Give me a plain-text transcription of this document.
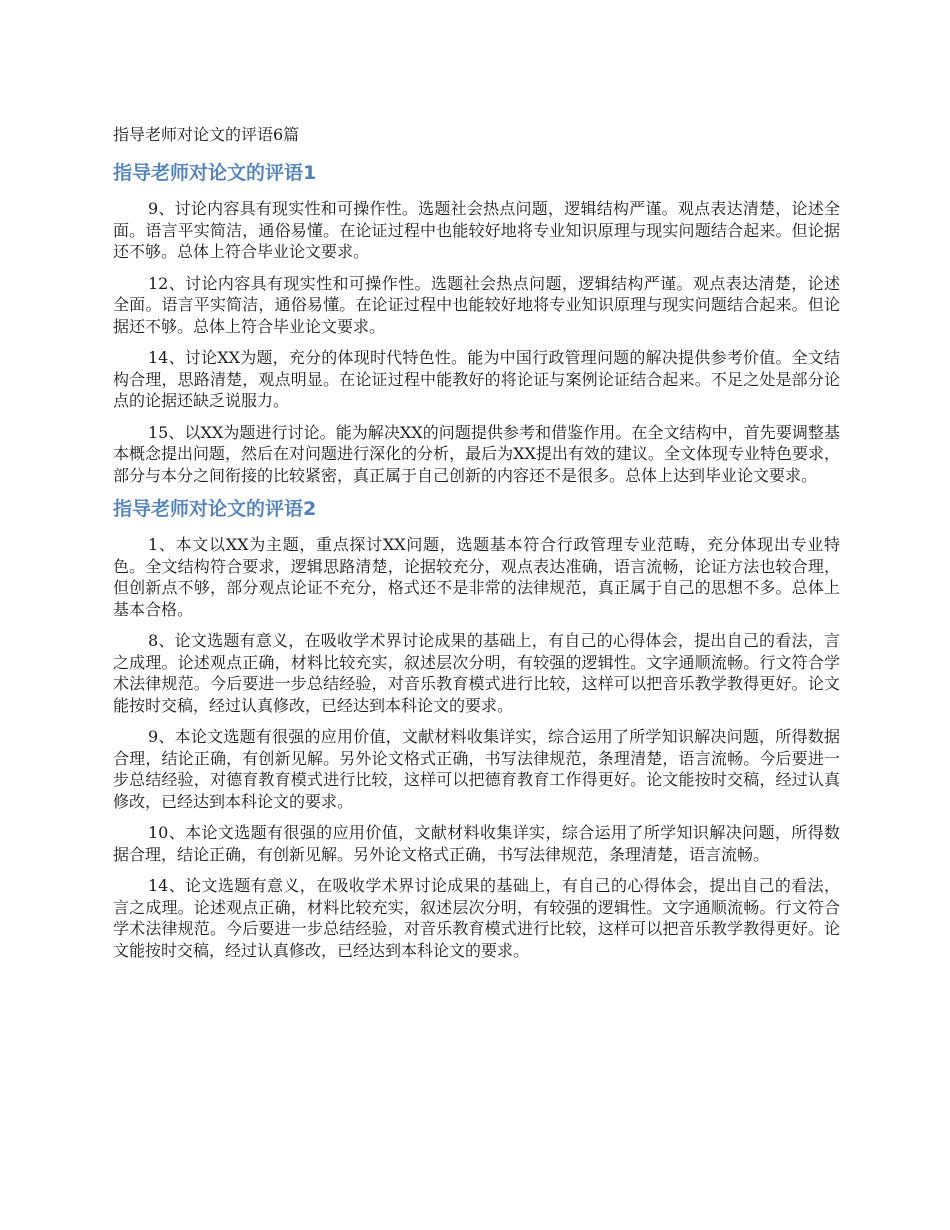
指导老师对论文的评语6篇
指导老师对论文的评语1

9、讨论内容具有现实性和可操作性。选题社会热点问题，逻辑结构严谨。观点表达清楚，论述全面。语言平实简洁，通俗易懂。在论证过程中也能较好地将专业知识原理与现实问题结合起来。但论据还不够。总体上符合毕业论文要求。

12、讨论内容具有现实性和可操作性。选题社会热点问题，逻辑结构严谨。观点表达清楚，论述全面。语言平实简洁，通俗易懂。在论证过程中也能较好地将专业知识原理与现实问题结合起来。但论据还不够。总体上符合毕业论文要求。

14、讨论XX为题，充分的体现时代特色性。能为中国行政管理问题的解决提供参考价值。全文结构合理，思路清楚，观点明显。在论证过程中能教好的将论证与案例论证结合起来。不足之处是部分论点的论据还缺乏说服力。

15、以XX为题进行讨论。能为解决XX的问题提供参考和借鉴作用。在全文结构中，首先要调整基本概念提出问题，然后在对问题进行深化的分析，最后为XX提出有效的建议。全文体现专业特色要求，部分与本分之间衔接的比较紧密，真正属于自己创新的内容还不是很多。总体上达到毕业论文要求。

指导老师对论文的评语2

1、本文以XX为主题，重点探讨XX问题，选题基本符合行政管理专业范畴，充分体现出专业特色。全文结构符合要求，逻辑思路清楚，论据较充分，观点表达准确，语言流畅，论证方法也较合理，但创新点不够，部分观点论证不充分，格式还不是非常的法律规范，真正属于自己的思想不多。总体上基本合格。

8、论文选题有意义，在吸收学术界讨论成果的基础上，有自己的心得体会，提出自己的看法，言之成理。论述观点正确，材料比较充实，叙述层次分明，有较强的逻辑性。文字通顺流畅。行文符合学术法律规范。今后要进一步总结经验，对音乐教育模式进行比较，这样可以把音乐教学教得更好。论文能按时交稿，经过认真修改，已经达到本科论文的要求。

9、本论文选题有很强的应用价值，文献材料收集详实，综合运用了所学知识解决问题，所得数据合理，结论正确，有创新见解。另外论文格式正确，书写法律规范，条理清楚，语言流畅。今后要进一步总结经验，对德育教育模式进行比较，这样可以把德育教育工作得更好。论文能按时交稿，经过认真修改，已经达到本科论文的要求。

10、本论文选题有很强的应用价值，文献材料收集详实，综合运用了所学知识解决问题，所得数据合理，结论正确，有创新见解。另外论文格式正确，书写法律规范，条理清楚，语言流畅。

14、论文选题有意义，在吸收学术界讨论成果的基础上，有自己的心得体会，提出自己的看法，言之成理。论述观点正确，材料比较充实，叙述层次分明，有较强的逻辑性。文字通顺流畅。行文符合学术法律规范。今后要进一步总结经验，对音乐教育模式进行比较，这样可以把音乐教学教得更好。论文能按时交稿，经过认真修改，已经达到本科论文的要求。
